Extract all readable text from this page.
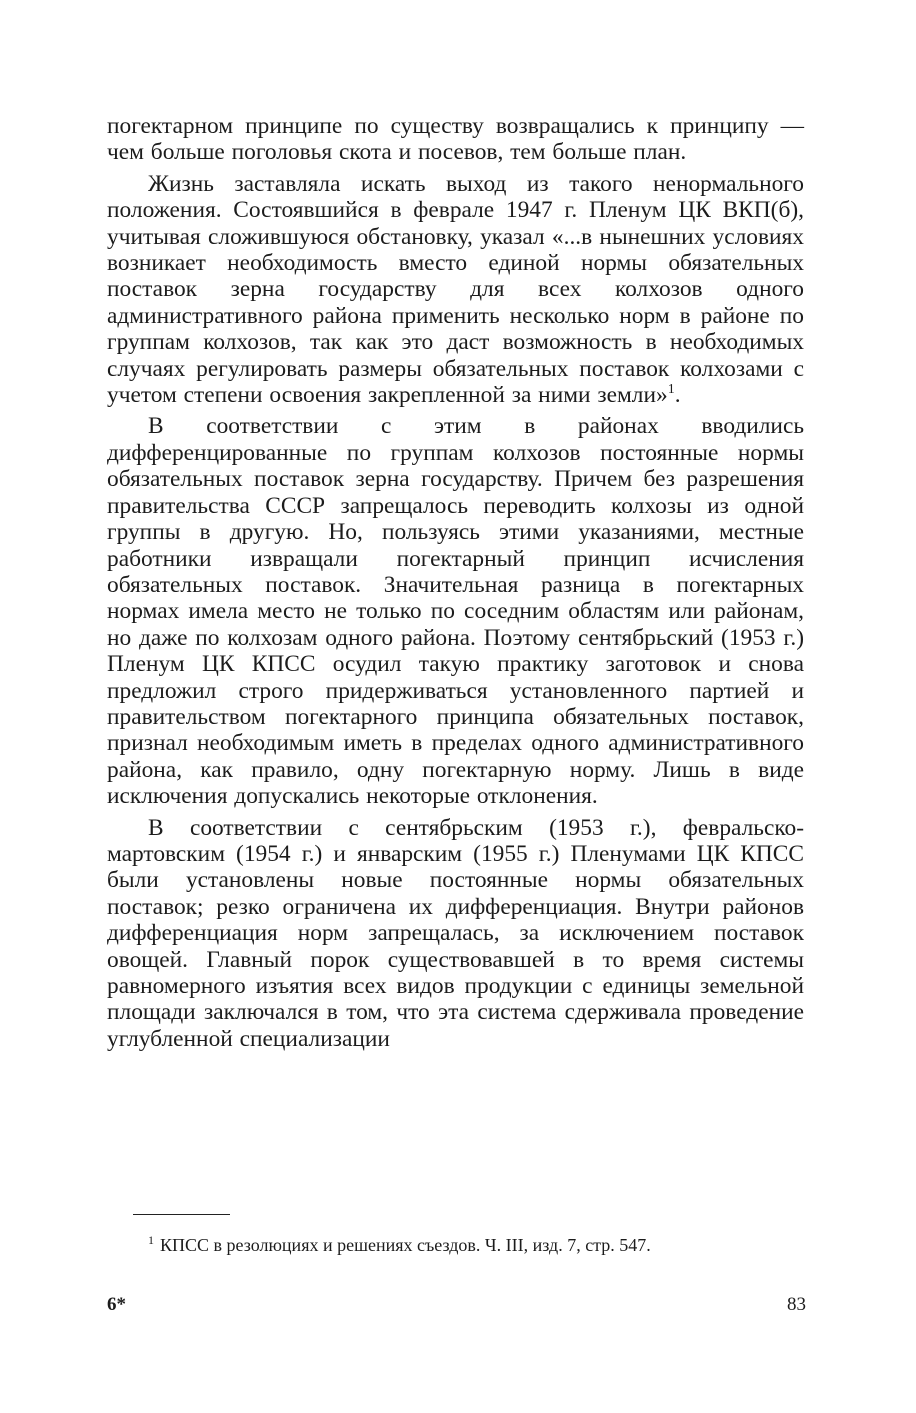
погектарном принципе по существу возвращались к принципу — чем больше поголовья скота и посевов, тем больше план.

Жизнь заставляла искать выход из такого ненормального положения. Состоявшийся в феврале 1947 г. Пленум ЦК ВКП(б), учитывая сложившуюся обстановку, указал «...в нынешних условиях возникает необходимость вместо единой нормы обязательных поставок зерна государству для всех колхозов одного административного района применить несколько норм в районе по группам колхозов, так как это даст возможность в необходимых случаях регулировать размеры обязательных поставок колхозами с учетом степени освоения закрепленной за ними земли»$^1$.

В соответствии с этим в районах вводились дифференцированные по группам колхозов постоянные нормы обязательных поставок зерна государству. Причем без разрешения правительства СССР запрещалось переводить колхозы из одной группы в другую. Но, пользуясь этими указаниями, местные работники извращали погектарный принцип исчисления обязательных поставок. Значительная разница в погектарных нормах имела место не только по соседним областям или районам, но даже по колхозам одного района. Поэтому сентябрьский (1953 г.) Пленум ЦК КПСС осудил такую практику заготовок и снова предложил строго придерживаться установленного партией и правительством погектарного принципа обязательных поставок, признал необходимым иметь в пределах одного административного района, как правило, одну погектарную норму. Лишь в виде исключения допускались некоторые отклонения.

В соответствии с сентябрьским (1953 г.), февральско-мартовским (1954 г.) и январским (1955 г.) Пленумами ЦК КПСС были установлены новые постоянные нормы обязательных поставок; резко ограничена их дифференциация. Внутри районов дифференциация норм запрещалась, за исключением поставок овощей. Главный порок существовавшей в то время системы равномерного изъятия всех видов продукции с единицы земельной площади заключался в том, что эта система сдерживала проведение углубленной специализации

$^1$ КПСС в резолюциях и решениях съездов. Ч. III, изд. 7, стр. 547.

6*	83
